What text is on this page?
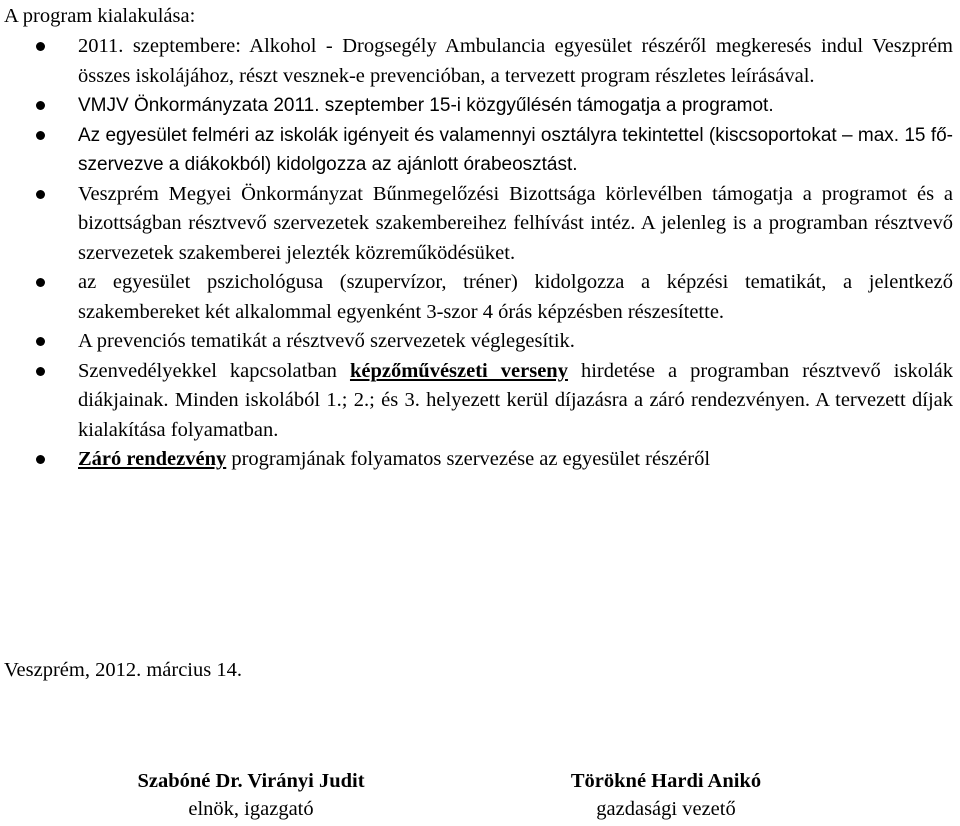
A program kialakulása:
2011. szeptembere: Alkohol - Drogsegély Ambulancia egyesület részéről megkeresés indul Veszprém összes iskolájához, részt vesznek-e prevencióban, a tervezett program részletes leírásával.
VMJV Önkormányzata 2011. szeptember 15-i közgyűlésén támogatja a programot.
Az egyesület felméri az iskolák igényeit és valamennyi osztályra tekintettel (kiscsoportokat – max. 15 fő- szervezve a diákokból) kidolgozza az ajánlott órabeosztást.
Veszprém Megyei Önkormányzat Bűnmegelőzési Bizottsága körlevélben támogatja a programot és a bizottságban résztvevő szervezetek szakembereihez felhívást intéz. A jelenleg is a programban résztvevő szervezetek szakemberei jelezték közreműködésüket.
az egyesület pszichológusa (szupervízor, tréner) kidolgozza a képzési tematikát, a jelentkező szakembereket két alkalommal egyenként 3-szor 4 órás képzésben részesítette.
A prevenciós tematikát a résztvevő szervezetek véglegesítik.
Szenvedélyekkel kapcsolatban képzőművészeti verseny hirdetése a programban résztvevő iskolák diákjainak. Minden iskolából 1.; 2.; és 3. helyezett kerül díjazásra a záró rendezvényen. A tervezett díjak kialakítása folyamatban.
Záró rendezvény programjának folyamatos szervezése az egyesület részéről
Veszprém, 2012. március 14.
Szabóné Dr. Virányi Judit
elnök, igazgató
Törökné Hardi Anikó
gazdasági vezető
